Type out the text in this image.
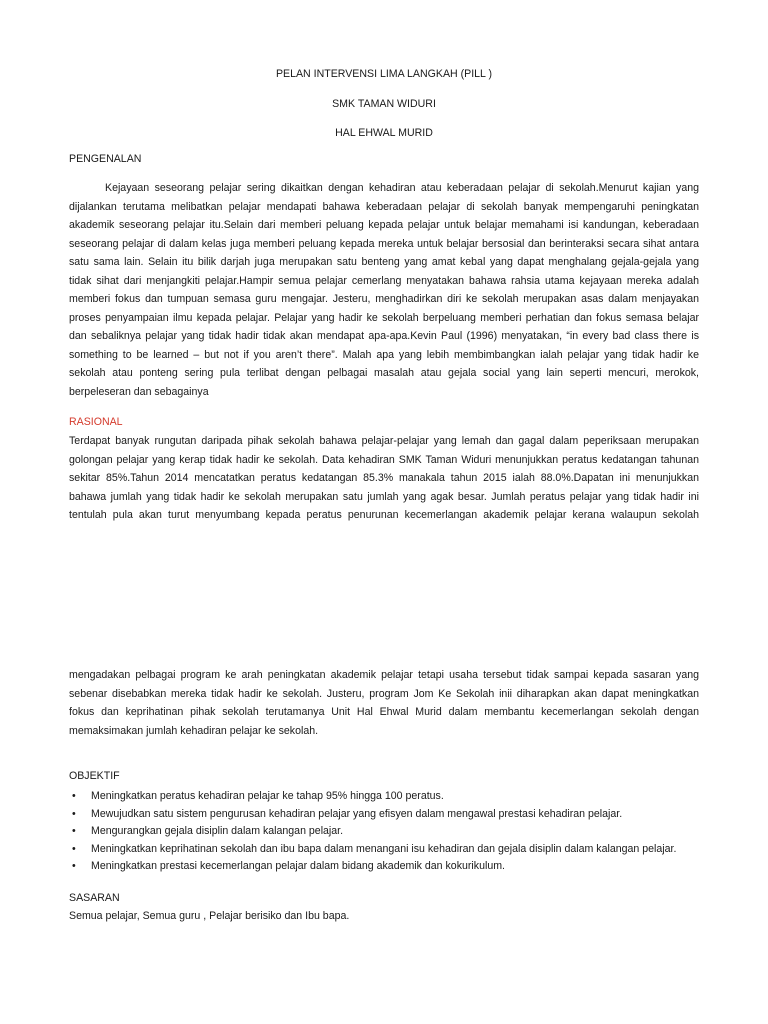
PELAN INTERVENSI LIMA LANGKAH (PILL )
SMK TAMAN WIDURI
HAL EHWAL MURID
PENGENALAN
Kejayaan seseorang pelajar sering dikaitkan dengan kehadiran atau keberadaan pelajar di sekolah.Menurut kajian yang
dijalankan terutama melibatkan pelajar mendapati bahawa keberadaan pelajar di sekolah banyak mempengaruhi peningkatan
akademik seseorang pelajar itu.Selain dari memberi peluang kepada pelajar untuk belajar memahami isi kandungan, keberadaan
seseorang pelajar di dalam kelas juga memberi peluang kepada mereka untuk belajar bersosial dan berinteraksi secara sihat antara
satu sama lain. Selain itu bilik darjah juga merupakan satu benteng yang amat kebal yang dapat menghalang gejala-gejala yang
tidak sihat dari menjangkiti pelajar.Hampir semua pelajar cemerlang menyatakan bahawa rahsia utama kejayaan mereka adalah
memberi fokus dan tumpuan semasa guru mengajar. Jesteru, menghadirkan diri ke sekolah merupakan asas dalam menjayakan
proses penyampaian ilmu kepada pelajar. Pelajar yang hadir ke sekolah berpeluang memberi perhatian dan fokus semasa belajar
dan sebaliknya pelajar yang tidak hadir tidak akan mendapat apa-apa.Kevin Paul (1996) menyatakan, “in every bad class there is
something to be learned – but not if you aren’t there”. Malah apa yang lebih membimbangkan ialah pelajar yang tidak hadir ke
sekolah atau ponteng sering pula terlibat dengan pelbagai masalah atau gejala social yang lain seperti mencuri, merokok,
berpeleseran dan sebagainya
RASIONAL
Terdapat banyak rungutan daripada pihak sekolah bahawa pelajar-pelajar yang lemah dan gagal dalam peperiksaan merupakan
golongan pelajar yang kerap tidak hadir ke sekolah. Data kehadiran SMK Taman Widuri menunjukkan peratus kedatangan tahunan
sekitar 85%.Tahun 2014 mencatatkan peratus kedatangan 85.3% manakala tahun 2015 ialah 88.0%.Dapatan ini menunjukkan
bahawa jumlah yang tidak hadir ke sekolah merupakan satu jumlah yang agak besar. Jumlah peratus pelajar yang tidak hadir ini
tentulah pula akan turut menyumbang kepada peratus penurunan kecemerlangan akademik pelajar kerana walaupun sekolah
mengadakan pelbagai program ke arah peningkatan akademik pelajar tetapi usaha tersebut tidak sampai kepada sasaran yang
sebenar disebabkan mereka tidak hadir ke sekolah. Justeru, program Jom Ke Sekolah inii diharapkan akan dapat meningkatkan
fokus dan keprihatinan pihak sekolah terutamanya Unit Hal Ehwal Murid dalam membantu kecemerlangan sekolah dengan
memaksimakan jumlah kehadiran pelajar ke sekolah.
OBJEKTIF
• Meningkatkan peratus kehadiran pelajar ke tahap 95% hingga 100 peratus.
• Mewujudkan satu sistem pengurusan kehadiran pelajar yang efisyen dalam mengawal prestasi kehadiran pelajar.
• Mengurangkan gejala disiplin dalam kalangan pelajar.
• Meningkatkan keprihatinan sekolah dan ibu bapa dalam menangani isu kehadiran dan gejala disiplin dalam kalangan pelajar.
• Meningkatkan prestasi kecemerlangan pelajar dalam bidang akademik dan kokurikulum.
SASARAN
Semua pelajar, Semua guru , Pelajar berisiko dan Ibu bapa.
